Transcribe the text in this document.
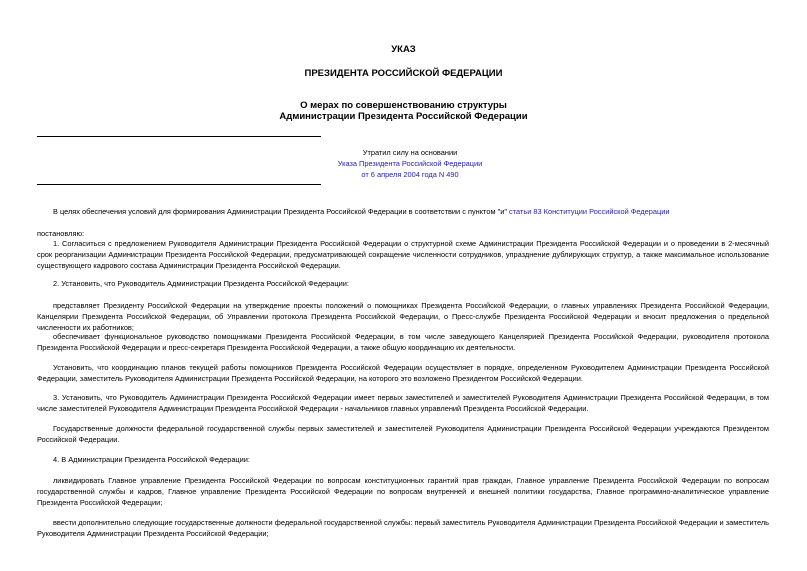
УКАЗ
ПРЕЗИДЕНТА РОССИЙСКОЙ ФЕДЕРАЦИИ
О мерах по совершенствованию структуры
Администрации Президента Российской Федерации
Утратил силу на основании
Указа Президента Российской Федерации
от 6 апреля 2004 года N 490
В целях обеспечения условий для формирования Администрации Президента Российской Федерации в соответствии с пунктом "и" статьи 83 Конституции Российской Федерации
постановляю:
1. Согласиться с предложением Руководителя Администрации Президента Российской Федерации о структурной схеме Администрации Президента Российской Федерации и о проведении в 2-месячный срок реорганизации Администрации Президента Российской Федерации, предусматривающей сокращение численности сотрудников, упразднение дублирующих структур, а также максимальное использование существующего кадрового состава Администрации Президента Российской Федерации.
2. Установить, что Руководитель Администрации Президента Российской Федерации:
представляет Президенту Российской Федерации на утверждение проекты положений о помощниках Президента Российской Федерации, о главных управлениях Президента Российской Федерации, Канцелярии Президента Российской Федерации, об Управлении протокола Президента Российской Федерации, о Пресс-службе Президента Российской Федерации и вносит предложения о предельной численности их работников;
обеспечивает функциональное руководство помощниками Президента Российской Федерации, в том числе заведующего Канцелярией Президента Российской Федерации, руководителя протокола Президента Российской Федерации и пресс-секретаря Президента Российской Федерации, а также общую координацию их деятельности.
Установить, что координацию планов текущей работы помощников Президента Российской Федерации осуществляет в порядке, определенном Руководителем Администрации Президента Российской Федерации, заместитель Руководителя Администрации Президента Российской Федерации, на которого это возложено Президентом Российской Федерации.
3. Установить, что Руководитель Администрации Президента Российской Федерации имеет первых заместителей и заместителей Руководителя Администрации Президента Российской Федерации, в том числе заместителей Руководителя Администрации Президента Российской Федерации - начальников главных управлений Президента Российской Федерации.
Государственные должности федеральной государственной службы первых заместителей и заместителей Руководителя Администрации Президента Российской Федерации учреждаются Президентом Российской Федерации.
4. В Администрации Президента Российской Федерации:
ликвидировать Главное управление Президента Российской Федерации по вопросам конституционных гарантий прав граждан, Главное управление Президента Российской Федерации по вопросам государственной службы и кадров, Главное управление Президента Российской Федерации по вопросам внутренней и внешней политики государства, Главное программно-аналитическое управление Президента Российской Федерации;
ввести дополнительно следующие государственные должности федеральной государственной службы: первый заместитель Руководителя Администрации Президента Российской Федерации и заместитель Руководителя Администрации Президента Российской Федерации;
